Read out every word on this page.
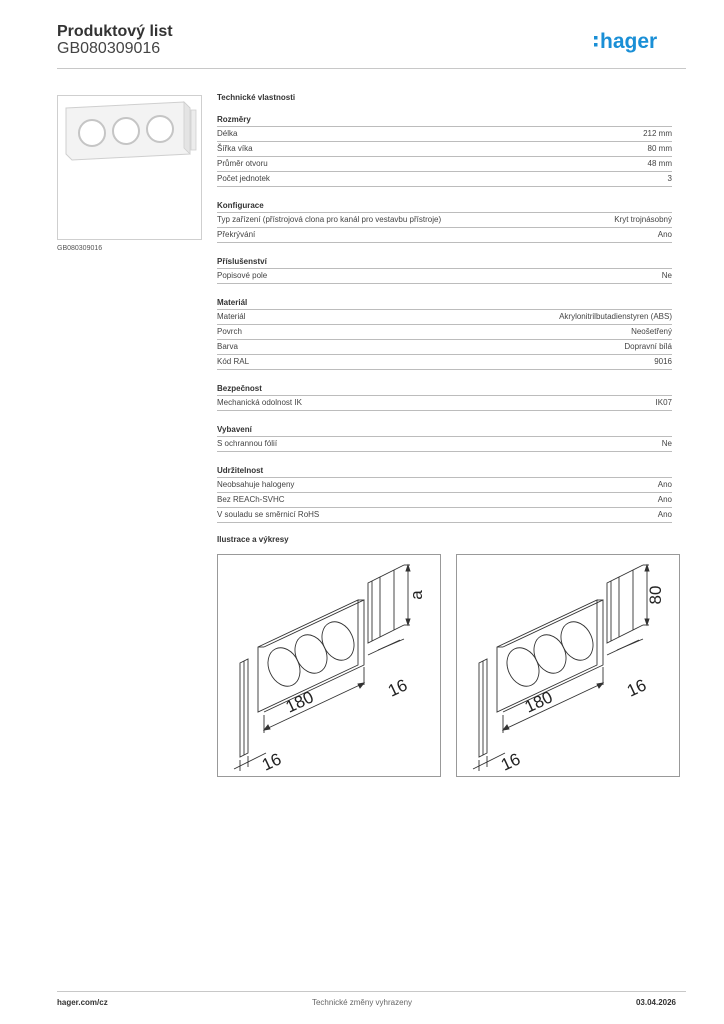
Produktový list
GB080309016	hager
GB080309016
Technické vlastnosti
Rozměry
Délka	212 mm
Šířka víka	80 mm
Průměr otvoru	48 mm
Počet jednotek	3
Konfigurace
Typ zařízení (přístrojová clona pro kanál pro vestavbu přístroje)	Kryt trojnásobný
Překrývání	Ano
Příslušenství
Popisové pole	Ne
Materiál
Materiál	Akrylonitrilbutadienstyren (ABS)
Povrch	Neošetřený
Barva	Dopravní bílá
Kód RAL	9016
Bezpečnost
Mechanická odolnost IK	IK07
Vybavení
S ochrannou fólií	Ne
Udržitelnost
Neobsahuje halogeny	Ano
Bez REACh-SVHC	Ano
V souladu se směrnicí RoHS	Ano
Ilustrace a výkresy
180	16
16
a
180	16
16
80
Technické změny vyhrazeny
hager.com/cz	03.04.2026
